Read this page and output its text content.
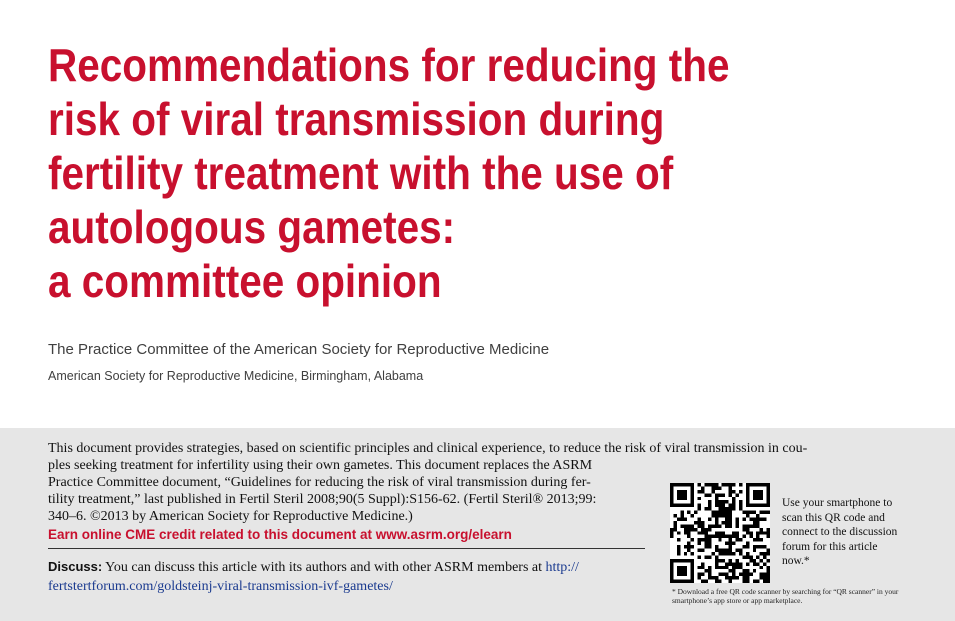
Recommendations for reducing the
risk of viral transmission during
fertility treatment with the use of
autologous gametes:
a committee opinion
The Practice Committee of the American Society for Reproductive Medicine
American Society for Reproductive Medicine, Birmingham, Alabama
This document provides strategies, based on scientific principles and clinical experience, to reduce the risk of viral transmission in cou-
ples seeking treatment for infertility using their own gametes. This document replaces the ASRM
Practice Committee document, “Guidelines for reducing the risk of viral transmission during fer-
tility treatment,” last published in Fertil Steril 2008;90(5 Suppl):S156-62. (Fertil Steril® 2013;99:
340–6. ©2013 by American Society for Reproductive Medicine.)
Earn online CME credit related to this document at www.asrm.org/elearn
Discuss: You can discuss this article with its authors and with other ASRM members at http://
fertstertforum.com/goldsteinj-viral-transmission-ivf-gametes/
Use your smartphone to scan this QR code and connect to the discussion forum for this article now.*
* Download a free QR code scanner by searching for “QR scanner” in your smartphone’s app store or app marketplace.
